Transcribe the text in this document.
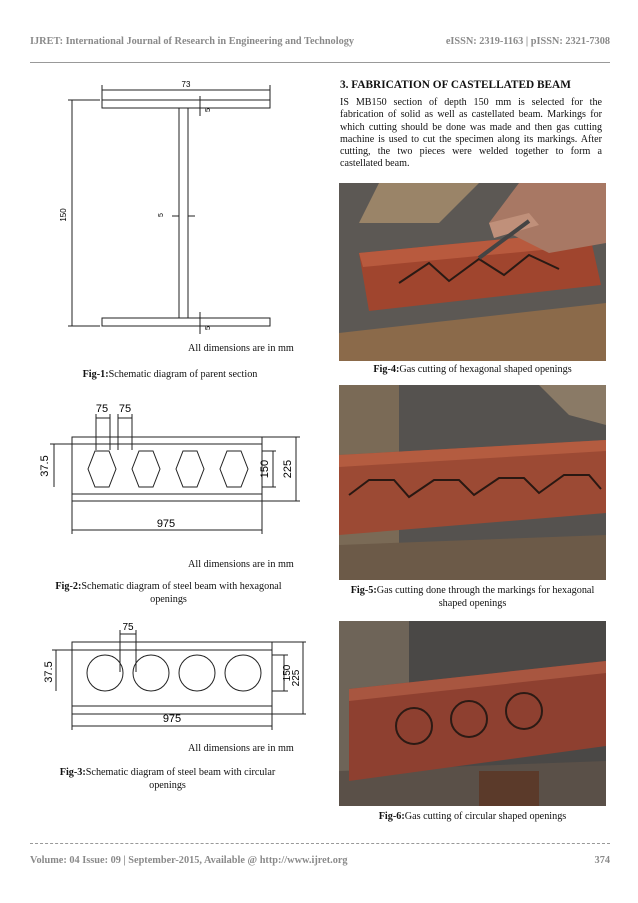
IJRET: International Journal of Research in Engineering and Technology	eISSN: 2319-1163 | pISSN: 2321-7308
73
5
5
5
150
All dimensions are in mm
Fig-1:Schematic diagram of parent section
75 75
37.5	150 225
975
All dimensions are in mm
Fig-2:Schematic diagram of steel beam with hexagonal openings
75
37.5	150
225
975
All dimensions are in mm
Fig-3:Schematic diagram of steel beam with circular openings
3. FABRICATION OF CASTELLATED BEAM
IS MB150 section of depth 150 mm is selected for the fabrication of solid as well as castellated beam. Markings for which cutting should be done was made and then gas cutting machine is used to cut the specimen along its markings. After cutting, the two pieces were welded together to form a castellated beam.
Fig-4:Gas cutting of hexagonal shaped openings
Fig-5:Gas cutting done through the markings for hexagonal shaped openings
Fig-6:Gas cutting of circular shaped openings
Volume: 04 Issue: 09 | September-2015, Available @ http://www.ijret.org	374
